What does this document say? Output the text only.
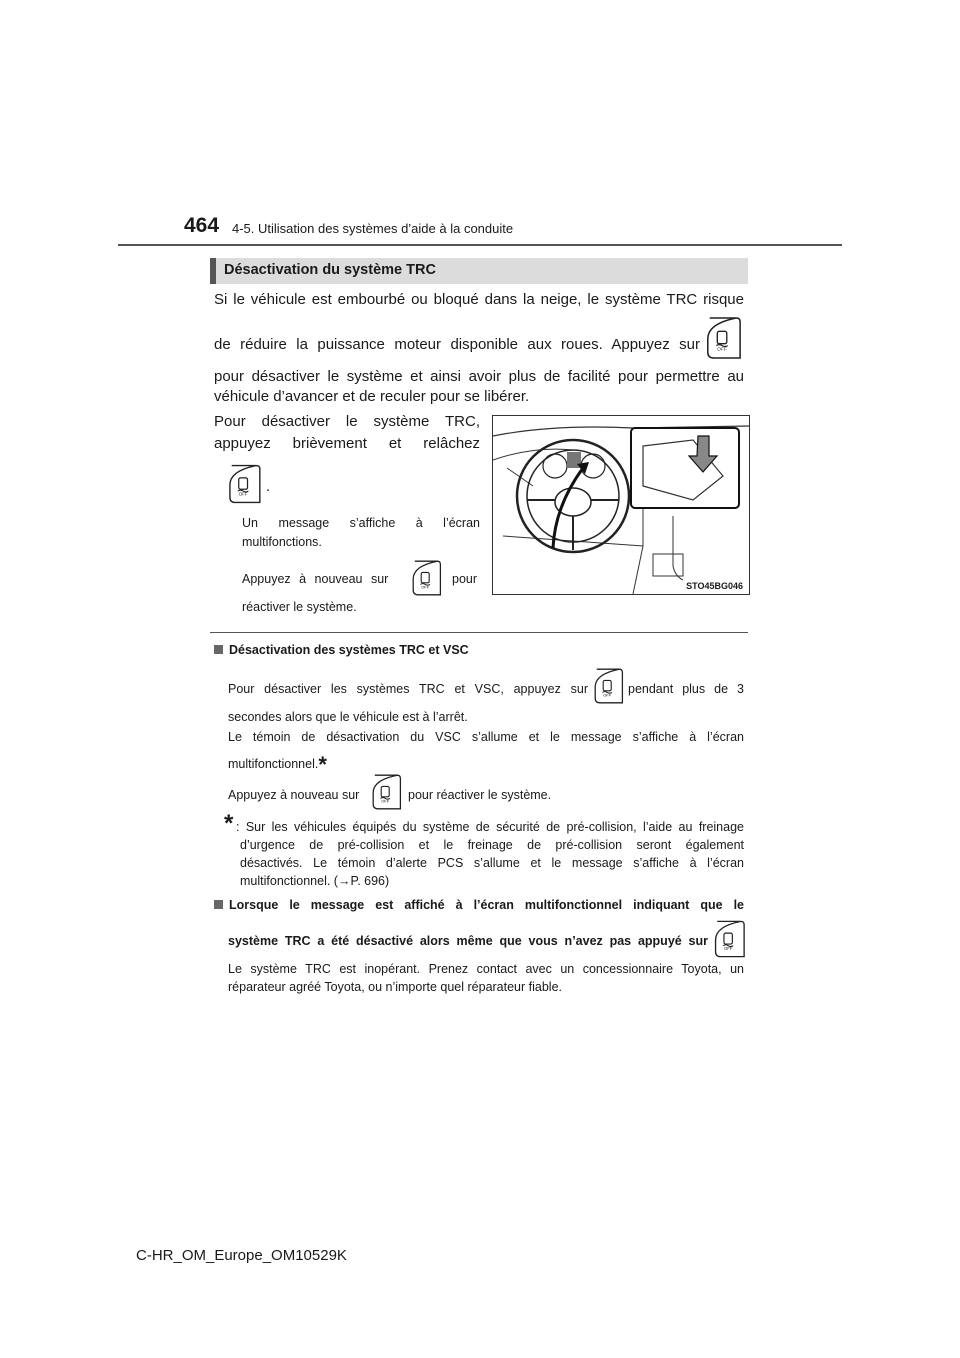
464 4-5. Utilisation des systèmes d’aide à la conduite
Désactivation du système TRC
Si le véhicule est embourbé ou bloqué dans la neige, le système TRC risque
de réduire la puissance moteur disponible aux roues. Appuyez sur
pour désactiver le système et ainsi avoir plus de facilité pour permettre au
véhicule d’avancer et de reculer pour se libérer.
Pour désactiver le système TRC,
appuyez brièvement et relâchez
.
Un message s’affiche à l’écran
multifonctions.
Appuyez à nouveau sur	pour
réactiver le système.
STO45BG046
Désactivation des systèmes TRC et VSC
Pour désactiver les systèmes TRC et VSC, appuyez sur	pendant plus de 3
secondes alors que le véhicule est à l’arrêt.
Le témoin de désactivation du VSC s’allume et le message s’affiche à l’écran
multifonctionnel.*
Appuyez à nouveau sur	pour réactiver le système.
* : Sur les véhicules équipés du système de sécurité de pré-collision, l’aide au freinage
d’urgence de pré-collision et le freinage de pré-collision seront également
désactivés. Le témoin d’alerte PCS s’allume et le message s’affiche à l’écran
multifonctionnel. (→P. 696)
Lorsque le message est affiché à l’écran multifonctionnel indiquant que le
système TRC a été désactivé alors même que vous n’avez pas appuyé sur
Le système TRC est inopérant. Prenez contact avec un concessionnaire Toyota, un
réparateur agréé Toyota, ou n’importe quel réparateur fiable.
C-HR_OM_Europe_OM10529K
